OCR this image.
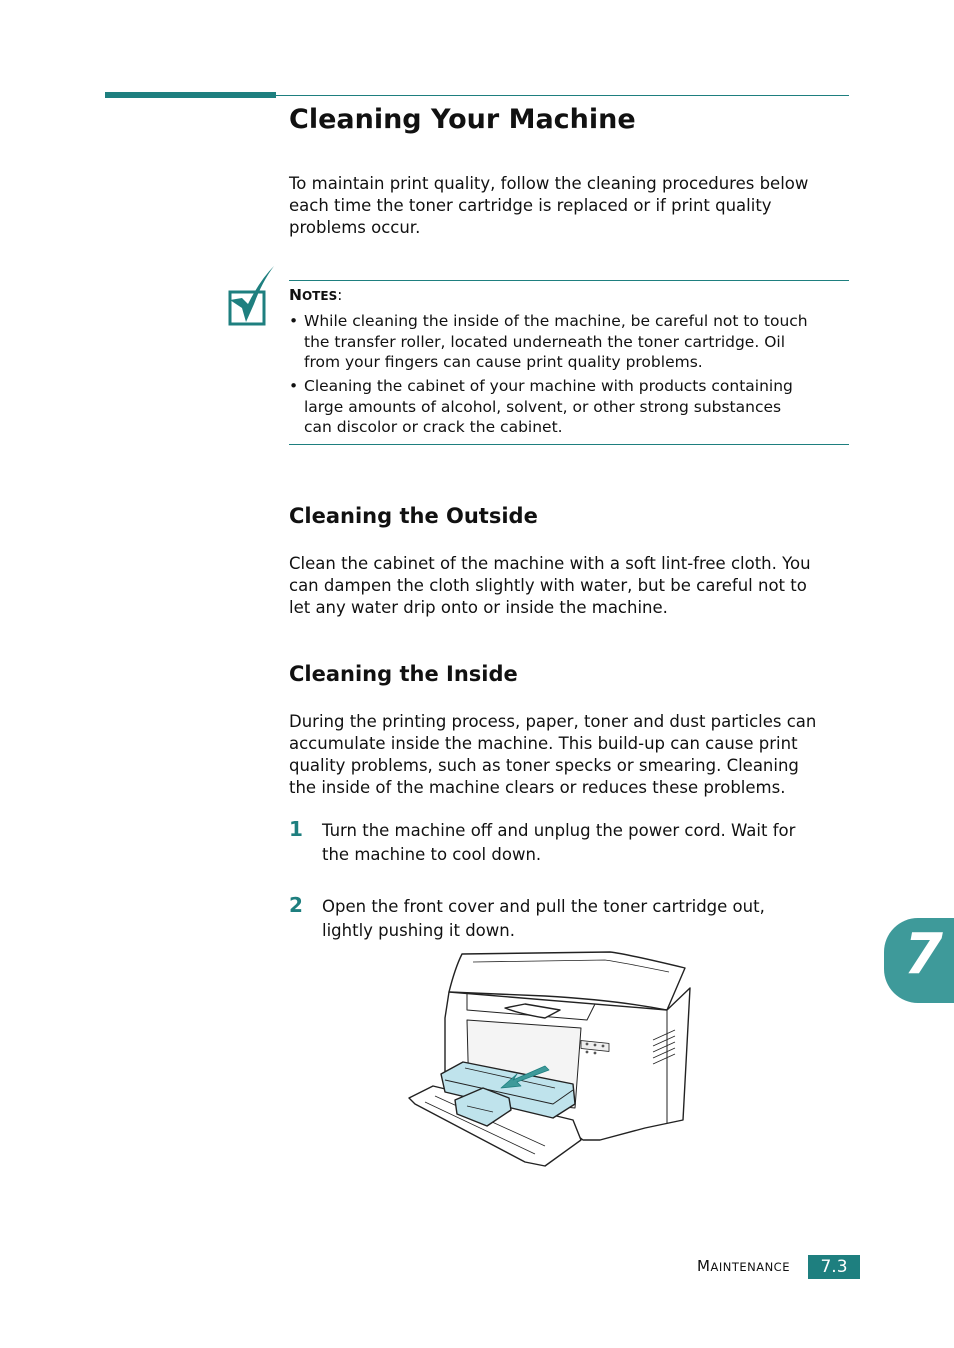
Cleaning Your Machine
To maintain print quality, follow the cleaning procedures below
each time the toner cartridge is replaced or if print quality
problems occur.
NOTES:
• While cleaning the inside of the machine, be careful not to touch
the transfer roller, located underneath the toner cartridge. Oil
from your fingers can cause print quality problems.
• Cleaning the cabinet of your machine with products containing
large amounts of alcohol, solvent, or other strong substances
can discolor or crack the cabinet.
Cleaning the Outside
Clean the cabinet of the machine with a soft lint-free cloth. You
can dampen the cloth slightly with water, but be careful not to
let any water drip onto or inside the machine.
Cleaning the Inside
During the printing process, paper, toner and dust particles can
accumulate inside the machine. This build-up can cause print
quality problems, such as toner specks or smearing. Cleaning
the inside of the machine clears or reduces these problems.
1 Turn the machine off and unplug the power cord. Wait for
the machine to cool down.
2 Open the front cover and pull the toner cartridge out,
lightly pushing it down.	7
MAINTENANCE	7.3
